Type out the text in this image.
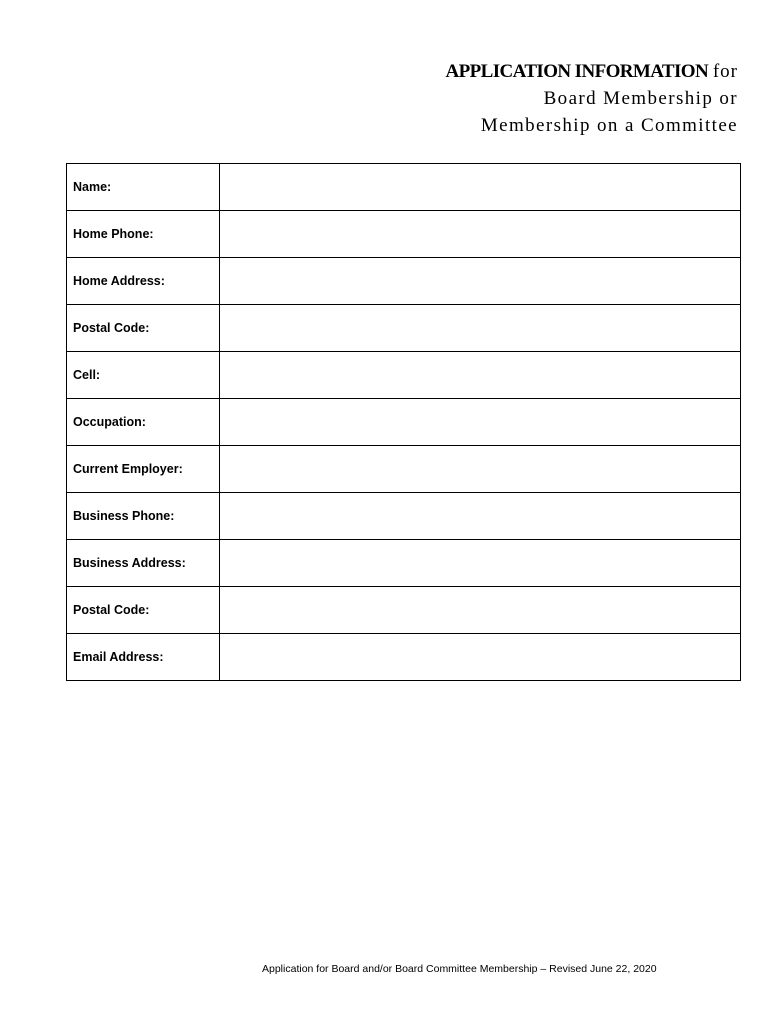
APPLICATION INFORMATION for
Board Membership or
Membership on a Committee
Name:	
Home Phone:	
Home Address:	
Postal Code:	
Cell:	
Occupation:	
Current Employer:	
Business Phone:	
Business Address:	
Postal Code:	
Email Address:	
Application for Board and/or Board Committee Membership – Revised June 22, 2020
